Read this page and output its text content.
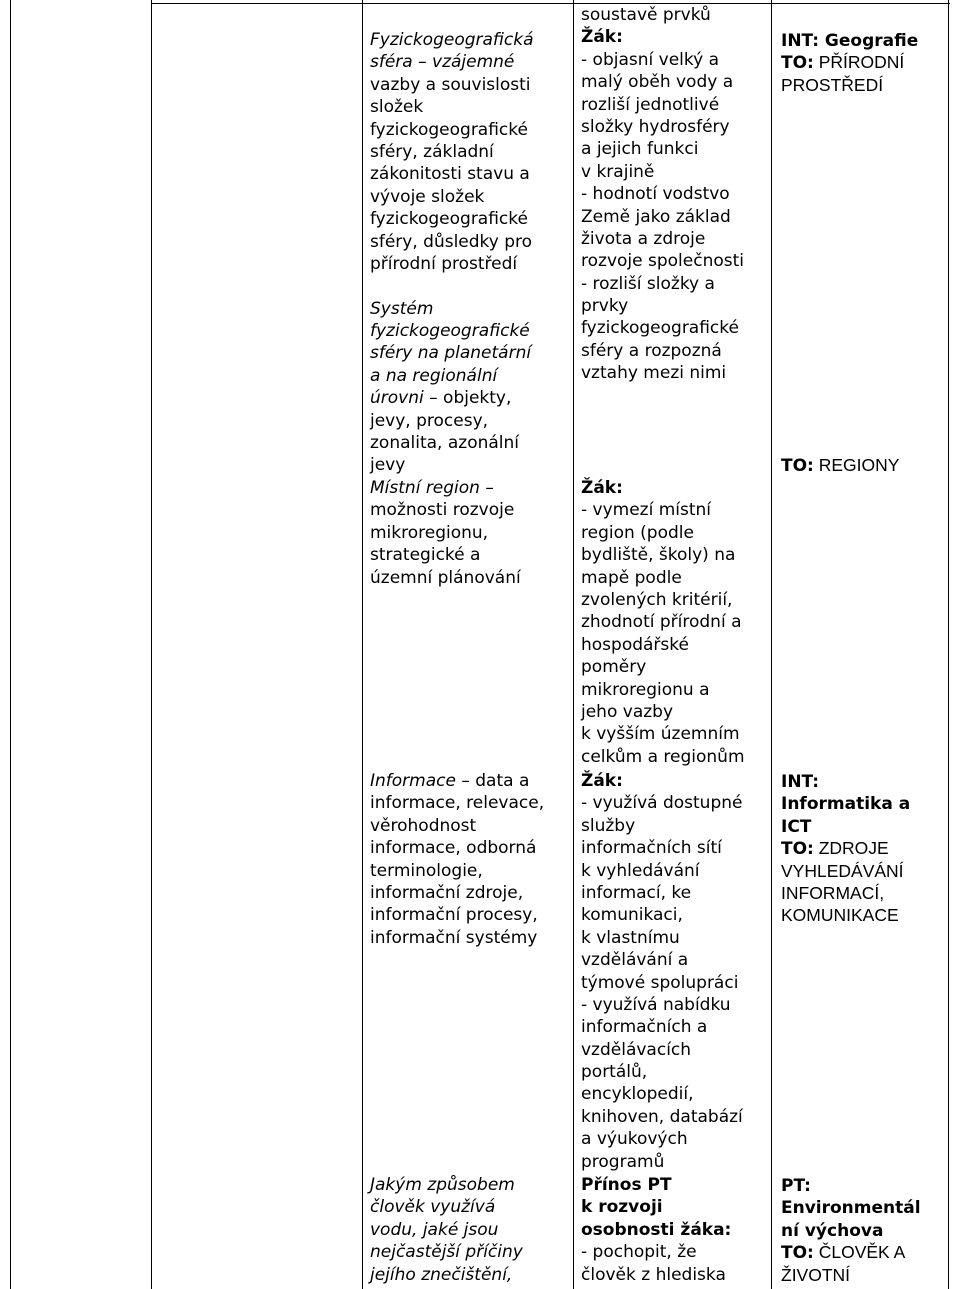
Fyzickogeografická
sféra – vzájemné
vazby a souvislosti
složek
fyzickogeografické
sféry, základní
zákonitosti stavu a
vývoje složek
fyzickogeografické
sféry, důsledky pro
přírodní prostředí
Systém
fyzickogeografické
sféry na planetární
a na regionální
úrovni – objekty,
jevy, procesy,
zonalita, azonální
jevy
Místní region –
možnosti rozvoje
mikroregionu,
strategické a
územní plánování
Informace – data a
informace, relevace,
věrohodnost
informace, odborná
terminologie,
informační zdroje,
informační procesy,
informační systémy
Jakým způsobem
člověk využívá
vodu, jaké jsou
nejčastější příčiny
jejího znečištění,
soustavě prvků
Žák:
- objasní velký a
malý oběh vody a
rozliší jednotlivé
složky hydrosféry
a jejich funkci
v krajině
- hodnotí vodstvo
Země jako základ
života a zdroje
rozvoje společnosti
- rozliší složky a
prvky
fyzickogeografické
sféry a rozpozná
vztahy mezi nimi
Žák:
- vymezí místní
region (podle
bydliště, školy) na
mapě podle
zvolených kritérií,
zhodnotí přírodní a
hospodářské
poměry
mikroregionu a
jeho vazby
k vyšším územním
celkům a regionům
Žák:
- využívá dostupné
služby
informačních sítí
k vyhledávání
informací, ke
komunikaci,
k vlastnímu
vzdělávání a
týmové spolupráci
- využívá nabídku
informačních a
vzdělávacích
portálů,
encyklopedií,
knihoven, databází
a výukových
programů
Přínos PT
k rozvoji
osobnosti žáka:
- pochopit, že
člověk z hlediska
INT: Geografie
TO: PŘÍRODNÍ
PROSTŘEDÍ
TO: REGIONY
INT:
Informatika a
ICT
TO: ZDROJE
VYHLEDÁVÁNÍ
INFORMACÍ,
KOMUNIKACE
PT:
Environmentál
ní výchova
TO: ČLOVĚK A
ŽIVOTNÍ
